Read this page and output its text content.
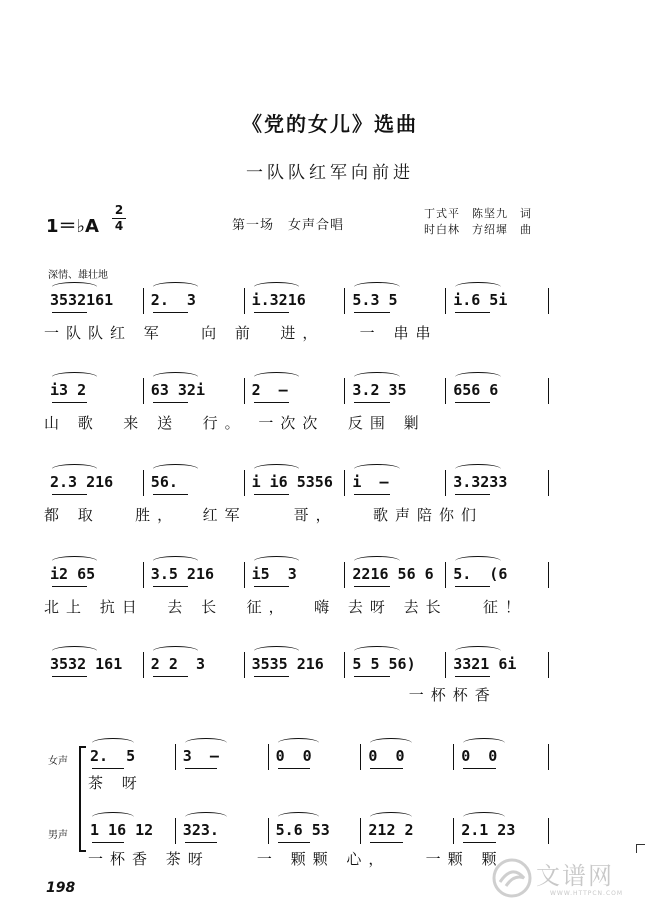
《党的女儿》选曲
一队队红军向前进
1＝♭A
2
4	第一场　女声合唱
丁式平　陈坚九　词
时白林　方绍墀　曲
深情、雄壮地
3532161	2.  3	i.3216	5.3 5	i.6 5i
一队队红 军   向 前  进，   一 串串
i3 2	63 32i	2  —	3.2 35	656 6
山 歌  来 送  行。 一次次  反围 剿
2.3 216	56.	i i6 5356 i  —	3.3233
都 取   胜，  红军    哥，   歌声陪你们
i2 65	3.5 216	i5  3	2216 56 6 5.  (6
北上 抗日  去 长  征，  嗨 去呀 去长   征！
3532 161 2 2  3	3535 216 5 5 56)	3321 6i
一杯杯香
女声 2.  5	3  —	0  0	0  0	0  0
茶 呀
男声 1 16 12 323.	5.6 53	212 2	2.1 23
一杯香 茶呀    一 颗颗 心，   一颗 颗
198	文谱网
WWW.HTTPCN.COM
